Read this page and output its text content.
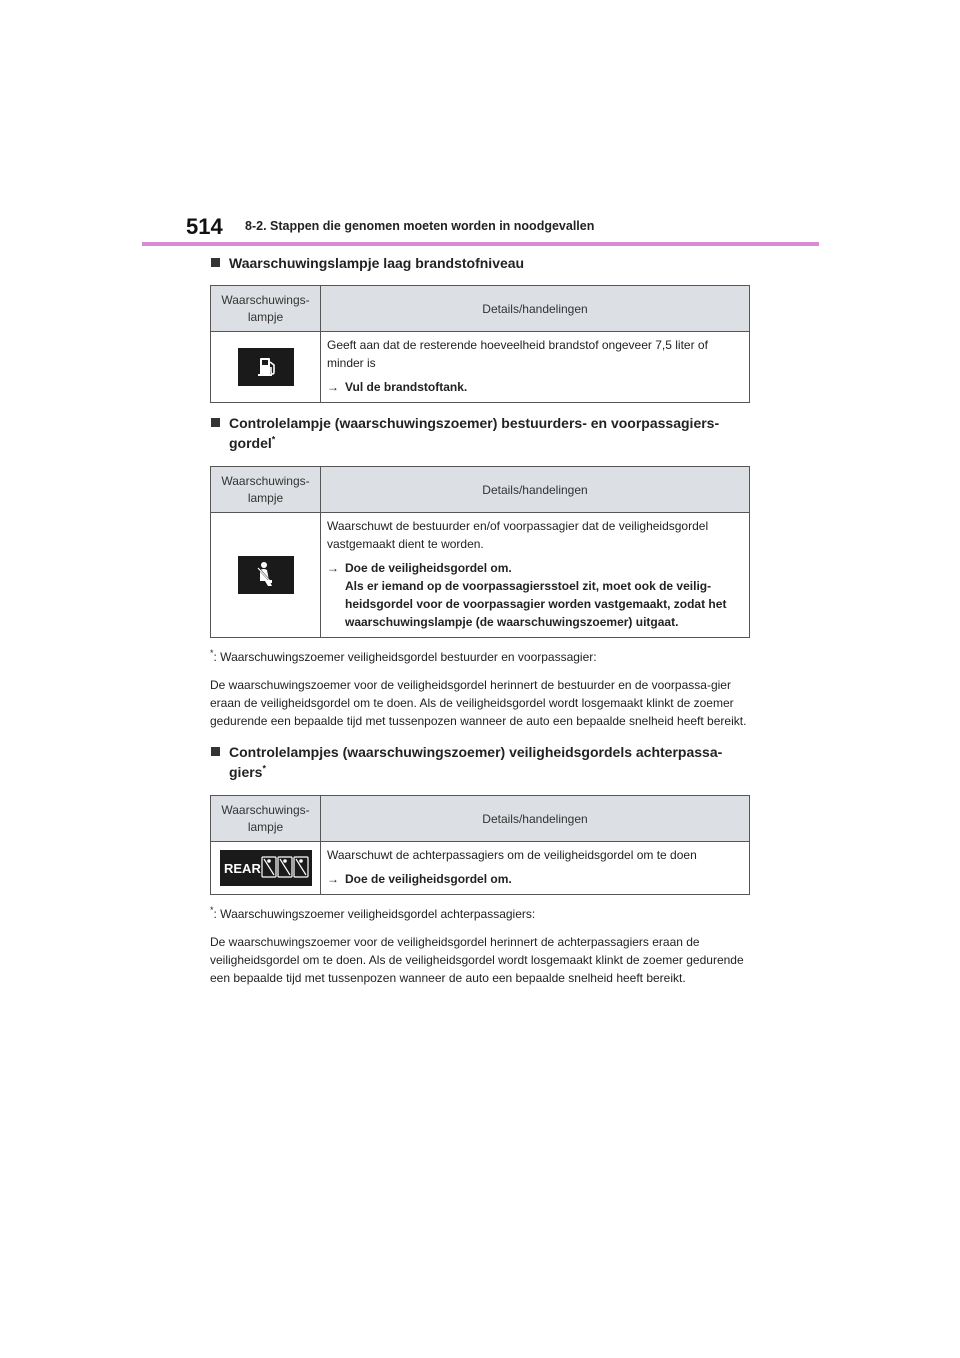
514 8-2. Stappen die genomen moeten worden in noodgevallen
Waarschuwingslampje laag brandstofniveau
Waarschuwings-
lampje	Details/handelingen

Geeft aan dat de resterende hoeveelheid brandstof ongeveer 7,5 liter of minder is
→ Vul de brandstoftank.
Controlelampje (waarschuwingszoemer) bestuurders- en voorpassagiers-gordel*
Waarschuwings-
lampje	Details/handelingen

Waarschuwt de bestuurder en/of voorpassagier dat de veiligheidsgordel vastgemaakt dient te worden.
→ Doe de veiligheidsgordel om.
Als er iemand op de voorpassagiersstoel zit, moet ook de veilig-heidsgordel voor de voorpassagier worden vastgemaakt, zodat het waarschuwingslampje (de waarschuwingszoemer) uitgaat.
*: Waarschuwingszoemer veiligheidsgordel bestuurder en voorpassagier:
De waarschuwingszoemer voor de veiligheidsgordel herinnert de bestuurder en de voorpassa-gier eraan de veiligheidsgordel om te doen. Als de veiligheidsgordel wordt losgemaakt klinkt de zoemer gedurende een bepaalde tijd met tussenpozen wanneer de auto een bepaalde snelheid heeft bereikt.
Controlelampjes (waarschuwingszoemer) veiligheidsgordels achterpassa-giers*
Waarschuwings-
lampje	Details/handelingen

REAR	Waarschuwt de achterpassagiers om de veiligheidsgordel om te doen
→ Doe de veiligheidsgordel om.
*: Waarschuwingszoemer veiligheidsgordel achterpassagiers:
De waarschuwingszoemer voor de veiligheidsgordel herinnert de achterpassagiers eraan de veiligheidsgordel om te doen. Als de veiligheidsgordel wordt losgemaakt klinkt de zoemer gedurende een bepaalde tijd met tussenpozen wanneer de auto een bepaalde snelheid heeft bereikt.
